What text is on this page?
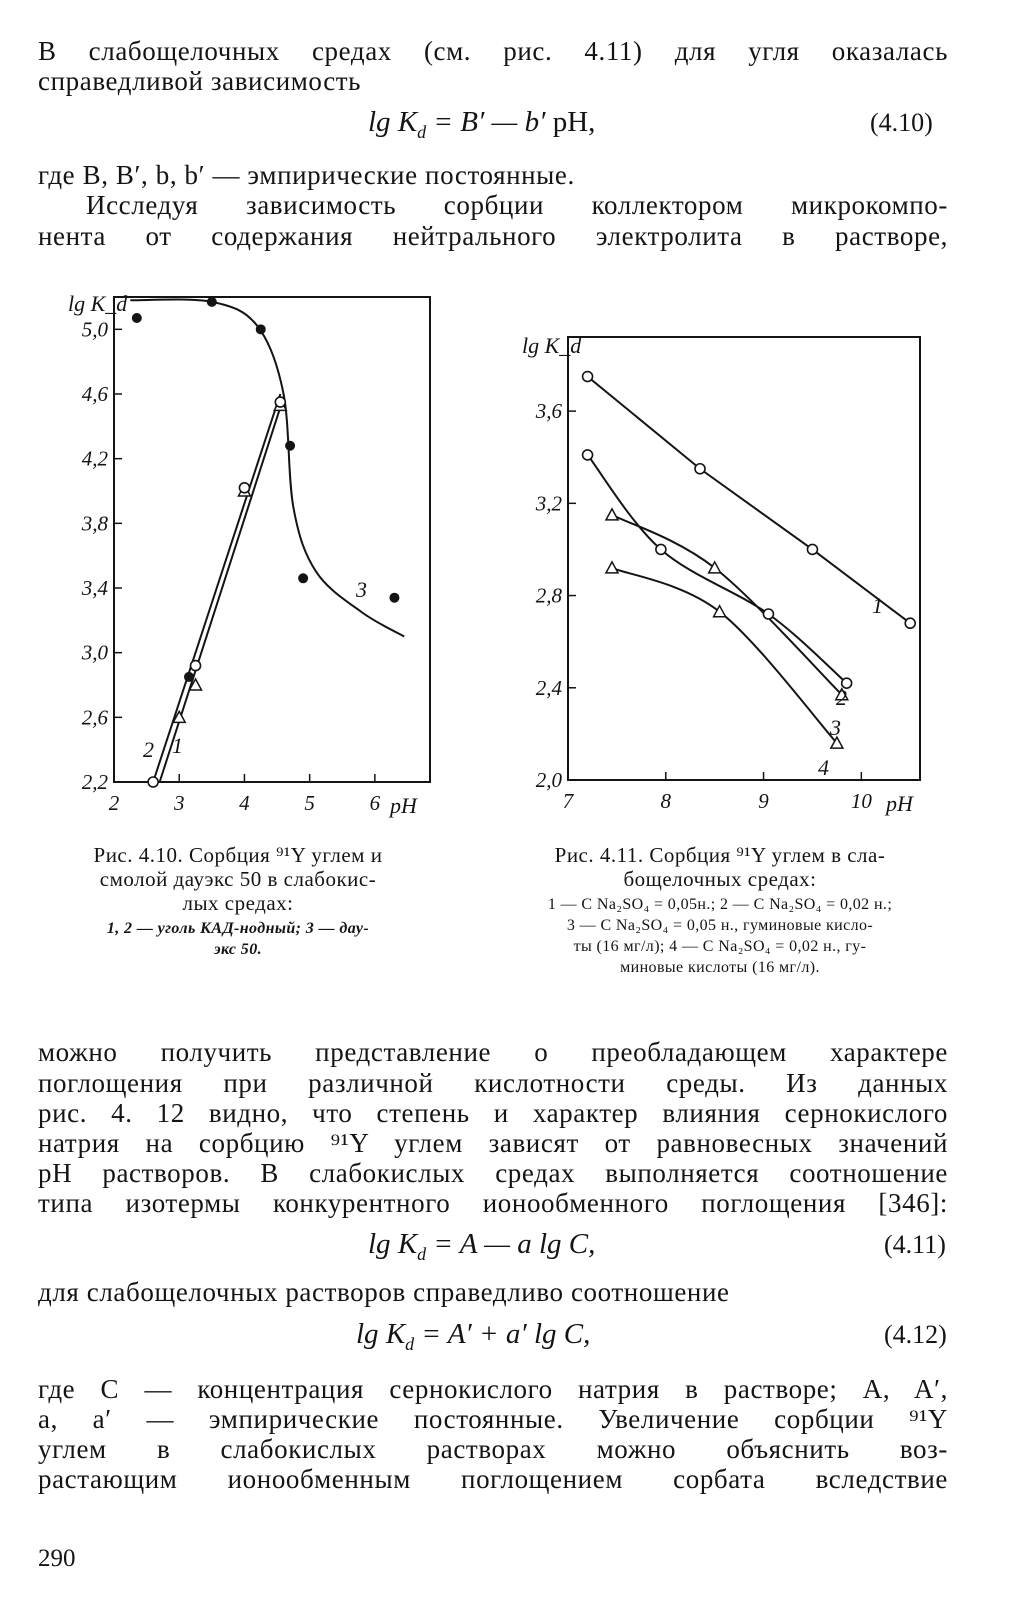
В слабощелочных средах (см. рис. 4.11) для угля оказалась
справедливой зависимость
$\lg K_d = B'$ — b′ pH,	(4.10)
где B, B′, b, b′ — эмпирические постоянные.
Исследуя зависимость сорбции коллектором микрокомпо-
нента от содержания нейтрального электролита в растворе,
2,2
2,6
3,0
3,4
3,8
4,2
4,6
5,0
2	3	4	5	6
lg K_d
pH
1
2
3
Рис. 4.10. Сорбция ⁹¹Y углем и
смолой дауэкс 50 в слабокис-
лых средах:
1, 2 — уголь КАД-нодный; 3 — дау-
экс 50.
2,0
2,4
2,8
3,2
3,6
7	8	9	10
lg K_d
pH
1
2
3
4
Рис. 4.11. Сорбция ⁹¹Y углем в сла-
бощелочных средах:
1 — C Na₂SO₄ = 0,05н.; 2 — C Na₂SO₄ = 0,02 н.;
3 — C Na₂SO₄ = 0,05 н., гуминовые кисло-
ты (16 мг/л); 4 — C Na₂SO₄ = 0,02 н., гу-
миновые кислоты (16 мг/л).
можно получить представление о преобладающем характере
поглощения при различной кислотности среды. Из данных
рис. 4. 12 видно, что степень и характер влияния сернокислого
натрия на сорбцию ⁹¹Y углем зависят от равновесных значений
pH растворов. В слабокислых средах выполняется соотношение
типа изотермы конкурентного ионообменного поглощения [346]:
$\lg K_d = A$ — a lg C,	(4.11)
для слабощелочных растворов справедливо соотношение
$\lg K_d = A' + a'$ lg C,	(4.12)
где C — концентрация сернокислого натрия в растворе; A, A′,
a, a′ — эмпирические постоянные. Увеличение сорбции ⁹¹Y
углем в слабокислых растворах можно объяснить воз-
растающим ионообменным поглощением сорбата вследствие
290
